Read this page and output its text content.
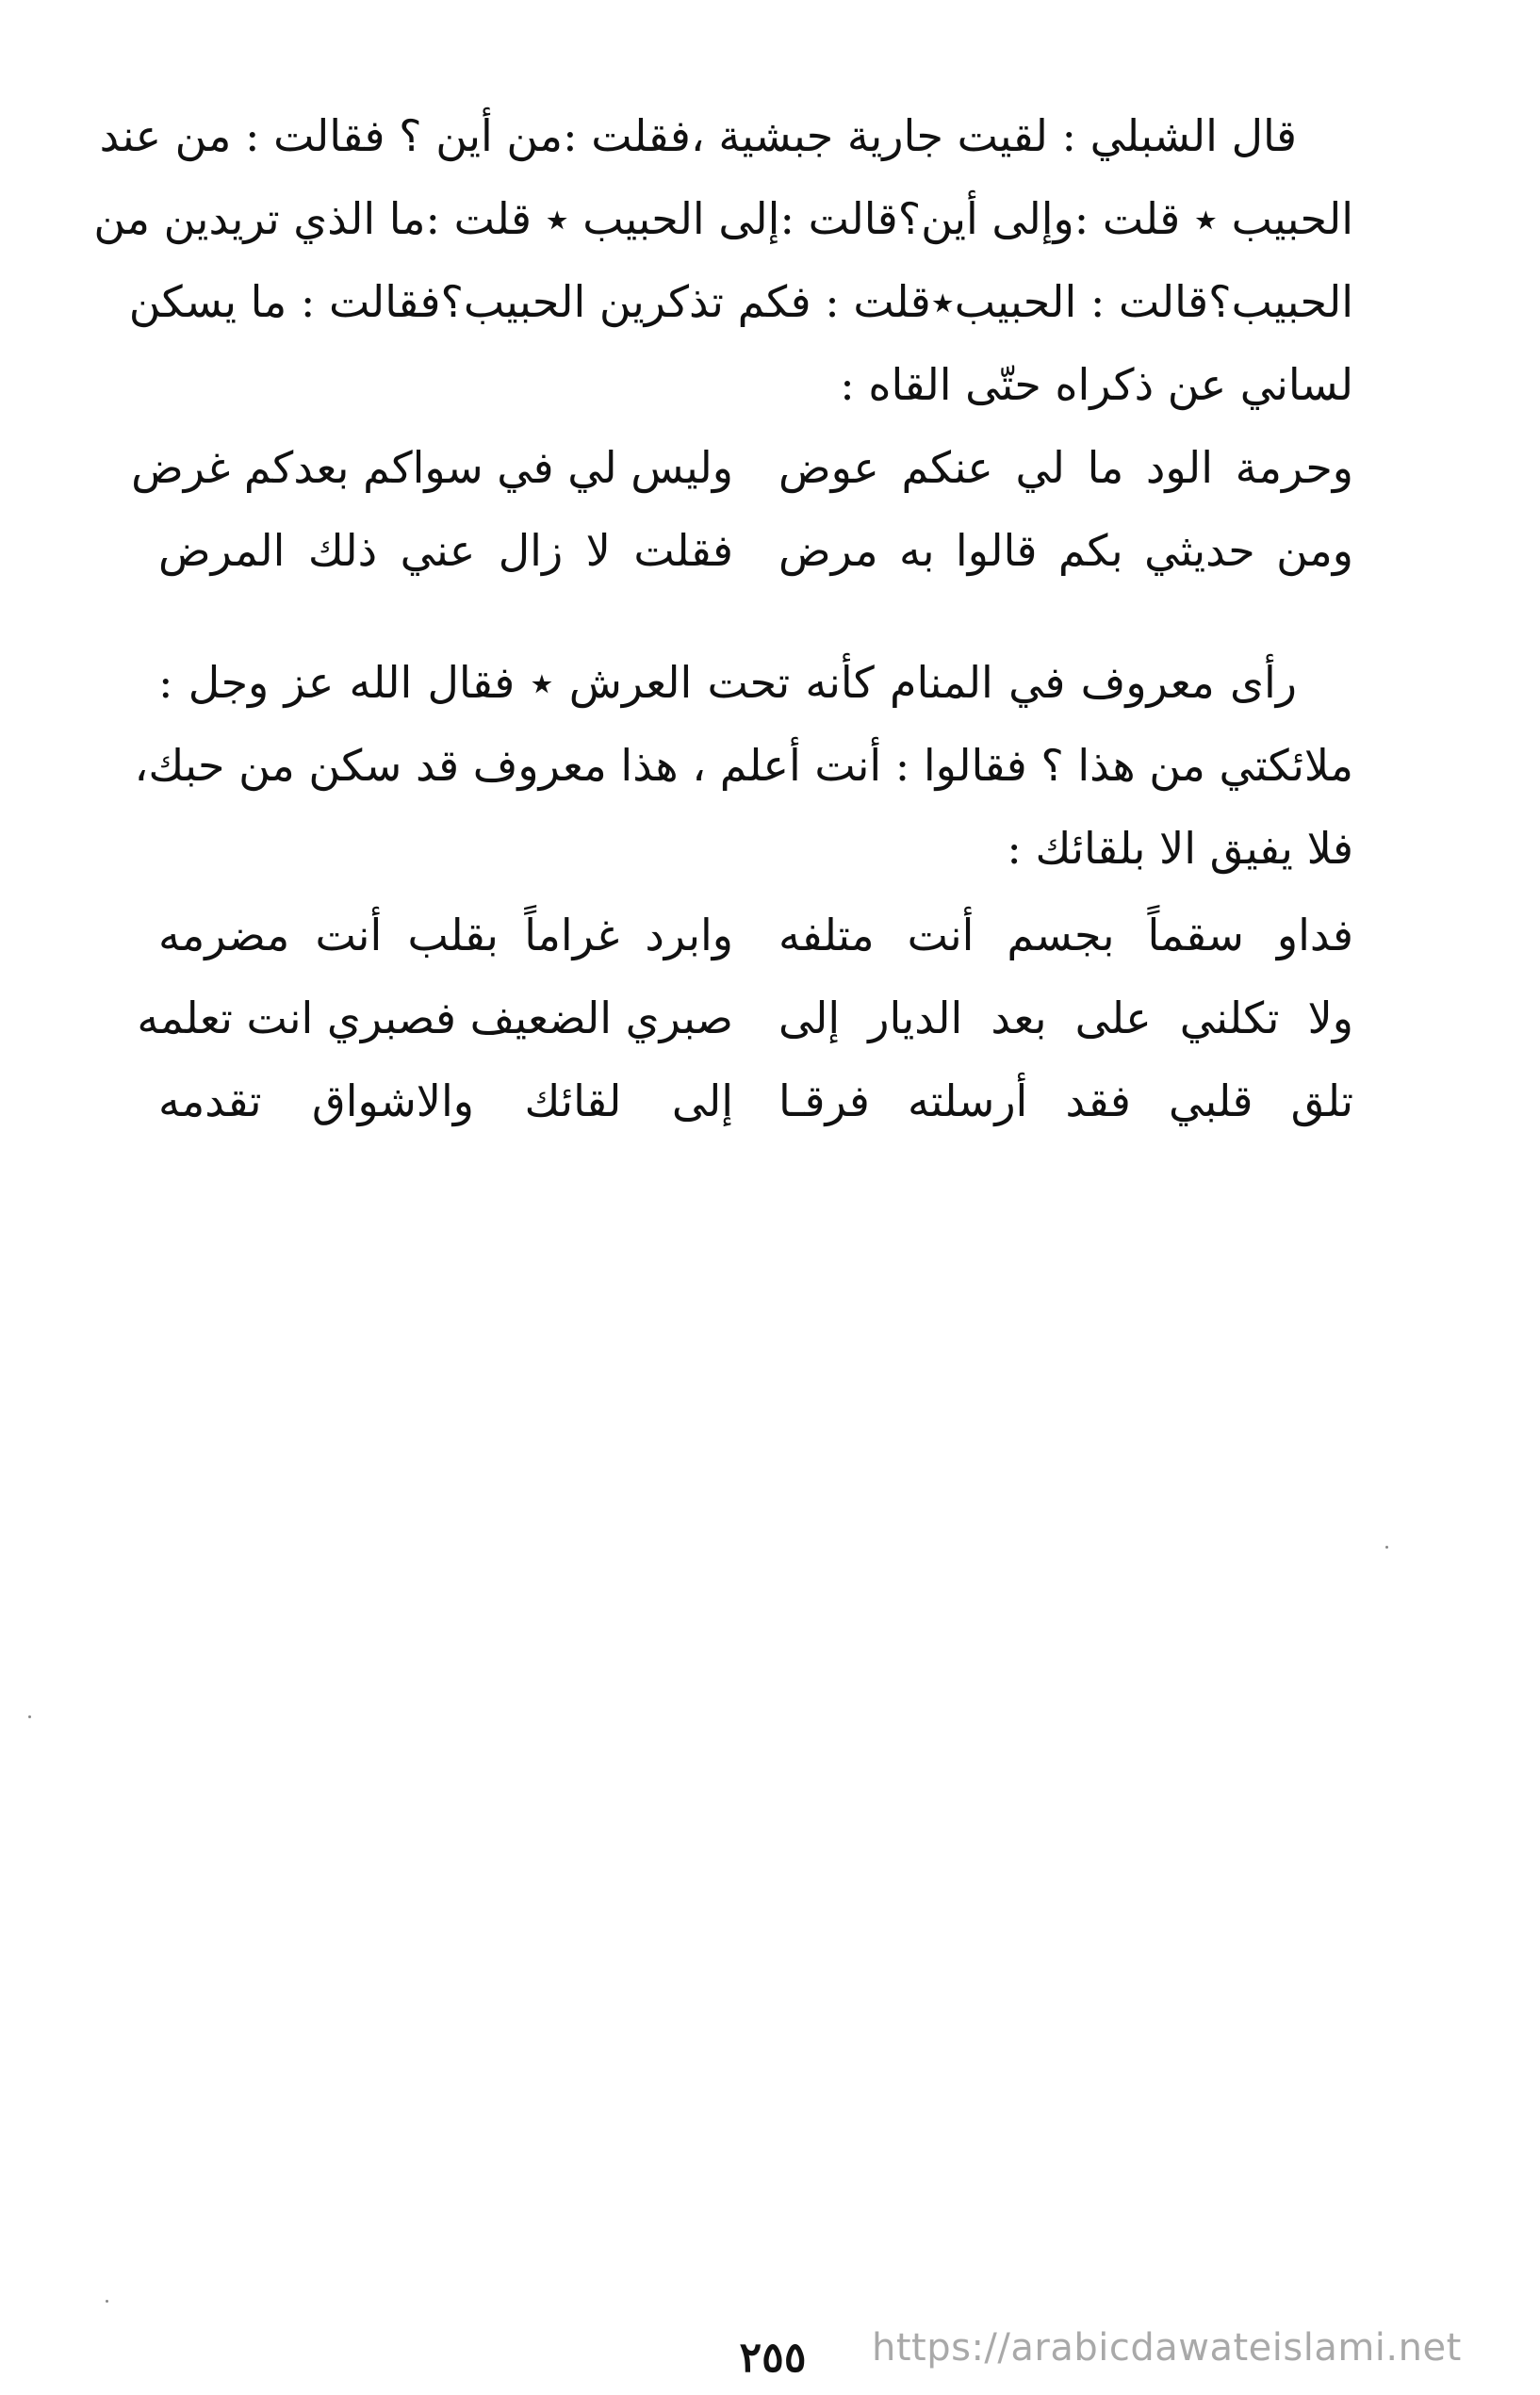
قال الشبلي : لقيت جارية جبشية ،فقلت :من أين ؟ فقالت : من عند
الحبيب ٭ قلت :وإلى أين؟قالت :إلى الحبيب ٭ قلت :ما الذي تريدين من
الحبيب؟قالت : الحبيب٭قلت : فكم تذكرين الحبيب؟فقالت : ما يسكن
لساني عن ذكراه حتّى القاه :
وحرمة الود ما لي عنكم عوض
وليس لي في سواكم بعدكم غرض
ومن حديثي بكم قالوا به مرض
فقلت لا زال عني ذلك المرض
رأى معروف في المنام كأنه تحت العرش ٭ فقال الله عز وجل :
ملائكتي من هذا ؟ فقالوا : أنت أعلم ، هذا معروف قد سكن من حبك،
فلا يفيق الا بلقائك :
فداو سقماً بجسم أنت متلفه
وابرد غراماً بقلب أنت مضرمه
ولا تكلني على بعد الديار إلى
صبري الضعيف فصبري انت تعلمه
تلق قلبي فقد أرسلته فرقـا
إلى لقائك والاشواق تقدمه
https://arabicdawateislami.net
٢٥٥
